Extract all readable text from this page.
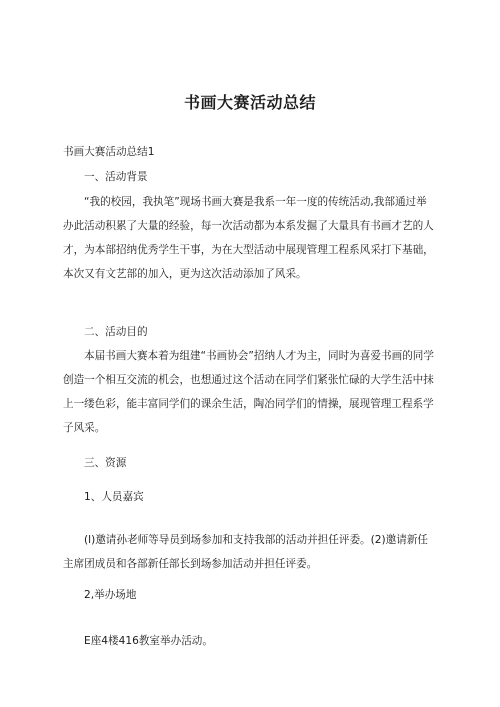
书画大赛活动总结

书画大赛活动总结1

一、活动背景

“我的校园，我执笔”现场书画大赛是我系一年一度的传统活动,我部通过举办此活动积累了大量的经验，每一次活动都为本系发掘了大量具有书画才艺的人才，为本部招纳优秀学生干事，为在大型活动中展现管理工程系风采打下基础，本次又有文艺部的加入，更为这次活动添加了风采。

二、活动目的

本届书画大赛本着为组建“书画协会”招纳人才为主，同时为喜爱书画的同学创造一个相互交流的机会，也想通过这个活动在同学们紧张忙碌的大学生活中抹上一缕色彩，能丰富同学们的课余生活，陶冶同学们的情操，展现管理工程系学子风采。

三、资源

1、人员嘉宾

(l)邀请孙老师等导员到场参加和支持我部的活动并担任评委。(2)邀请新任主席团成员和各部新任部长到场参加活动并担任评委。

2,举办场地

E座4楼416教室举办活动。
